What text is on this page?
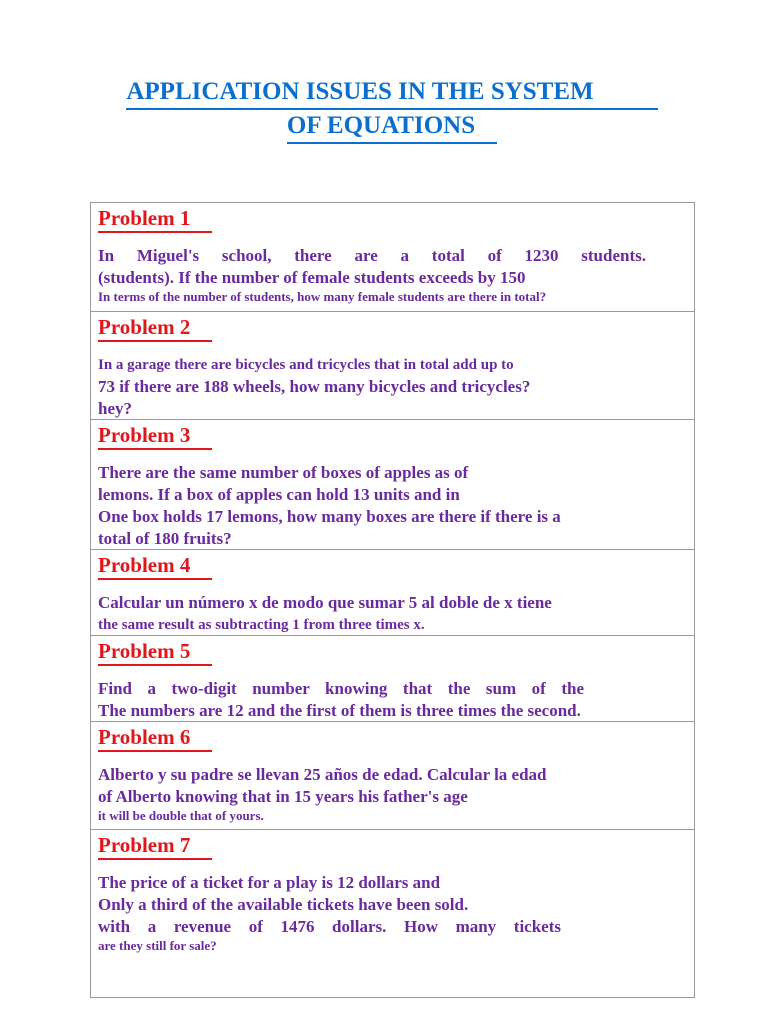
APPLICATION ISSUES IN THE SYSTEM
OF EQUATIONS
Problem 1
In Miguel's school, there are a total of 1230 students.
(students). If the number of female students exceeds by 150
In terms of the number of students, how many female students are there in total?
Problem 2
In a garage there are bicycles and tricycles that in total add up to
73 if there are 188 wheels, how many bicycles and tricycles?
hey?
Problem 3
There are the same number of boxes of apples as of
lemons. If a box of apples can hold 13 units and in
One box holds 17 lemons, how many boxes are there if there is a
total of 180 fruits?
Problem 4
Calcular un número x de modo que sumar 5 al doble de x tiene
the same result as subtracting 1 from three times x.
Problem 5
Find a two-digit number knowing that the sum of the
The numbers are 12 and the first of them is three times the second.
Problem 6
Alberto y su padre se llevan 25 años de edad. Calcular la edad
of Alberto knowing that in 15 years his father's age
it will be double that of yours.
Problem 7
The price of a ticket for a play is 12 dollars and
Only a third of the available tickets have been sold.
with a revenue of 1476 dollars. How many tickets
are they still for sale?
